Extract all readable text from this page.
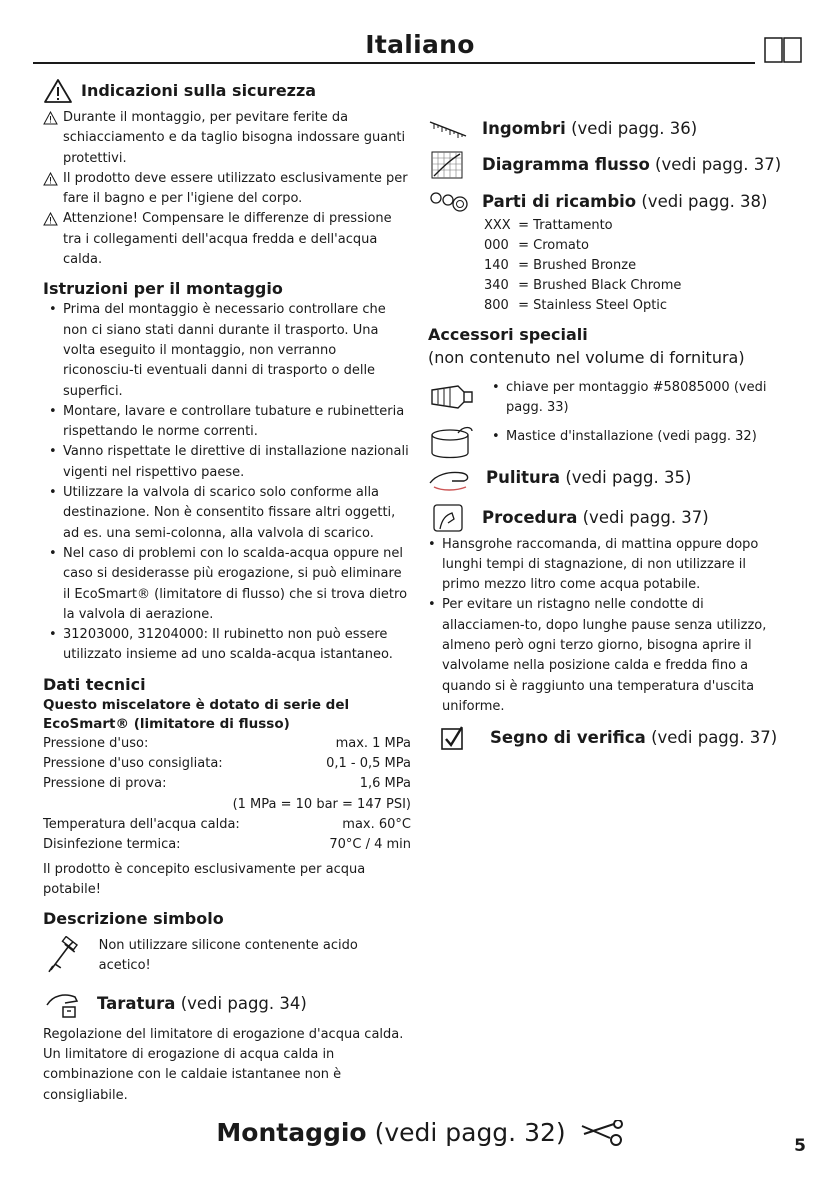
Italiano
Indicazioni sulla sicurezza
Durante il montaggio, per pevitare ferite da schiacciamento e da taglio bisogna indossare guanti protettivi.
Il prodotto deve essere utilizzato esclusivamente per fare il bagno e per l'igiene del corpo.
Attenzione! Compensare le differenze di pressione tra i collegamenti dell'acqua fredda e dell'acqua calda.
Istruzioni per il montaggio
• Prima del montaggio è necessario controllare che non ci siano stati danni durante il trasporto. Una volta eseguito il montaggio, non verranno riconosciu-ti eventuali danni di trasporto o delle superfici.
• Montare, lavare e controllare tubature e rubinetteria rispettando le norme correnti.
• Vanno rispettate le direttive di installazione nazionali vigenti nel rispettivo paese.
• Utilizzare la valvola di scarico solo conforme alla destinazione. Non è consentito fissare altri oggetti, ad es. una semi-colonna, alla valvola di scarico.
• Nel caso di problemi con lo scalda-acqua oppure nel caso si desiderasse più erogazione, si può eliminare il EcoSmart® (limitatore di flusso) che si trova dietro la valvola di aerazione.
• 31203000, 31204000: Il rubinetto non può essere utilizzato insieme ad uno scalda-acqua istantaneo.
Dati tecnici
Questo miscelatore è dotato di serie del EcoSmart® (limitatore di flusso)
Pressione d'uso:	max. 1 MPa
Pressione d'uso consigliata:	0,1 - 0,5 MPa
Pressione di prova:	1,6 MPa
(1 MPa = 10 bar = 147 PSI)
Temperatura dell'acqua calda:	max. 60°C
Disinfezione termica:	70°C / 4 min
Il prodotto è concepito esclusivamente per acqua potabile!
Descrizione simbolo
Non utilizzare silicone contenente acido acetico!
Taratura (vedi pagg. 34)
Regolazione del limitatore di erogazione d'acqua calda. Un limitatore di erogazione di acqua calda in combinazione con le caldaie istantanee non è consigliabile.
Ingombri (vedi pagg. 36)
Diagramma flusso (vedi pagg. 37)
Parti di ricambio (vedi pagg. 38)
XXX = Trattamento
000 = Cromato
140 = Brushed Bronze
340 = Brushed Black Chrome
800 = Stainless Steel Optic
Accessori speciali
(non contenuto nel volume di fornitura)
• chiave per montaggio #58085000 (vedi pagg. 33)
• Mastice d'installazione (vedi pagg. 32)
Pulitura (vedi pagg. 35)
Procedura (vedi pagg. 37)
• Hansgrohe raccomanda, di mattina oppure dopo lunghi tempi di stagnazione, di non utilizzare il primo mezzo litro come acqua potabile.
• Per evitare un ristagno nelle condotte di allacciamen-to, dopo lunghe pause senza utilizzo, almeno però ogni terzo giorno, bisogna aprire il valvolame nella posizione calda e fredda fino a quando si è raggiunto una temperatura d'uscita uniforme.
Segno di verifica (vedi pagg. 37)
Montaggio (vedi pagg. 32)	5
